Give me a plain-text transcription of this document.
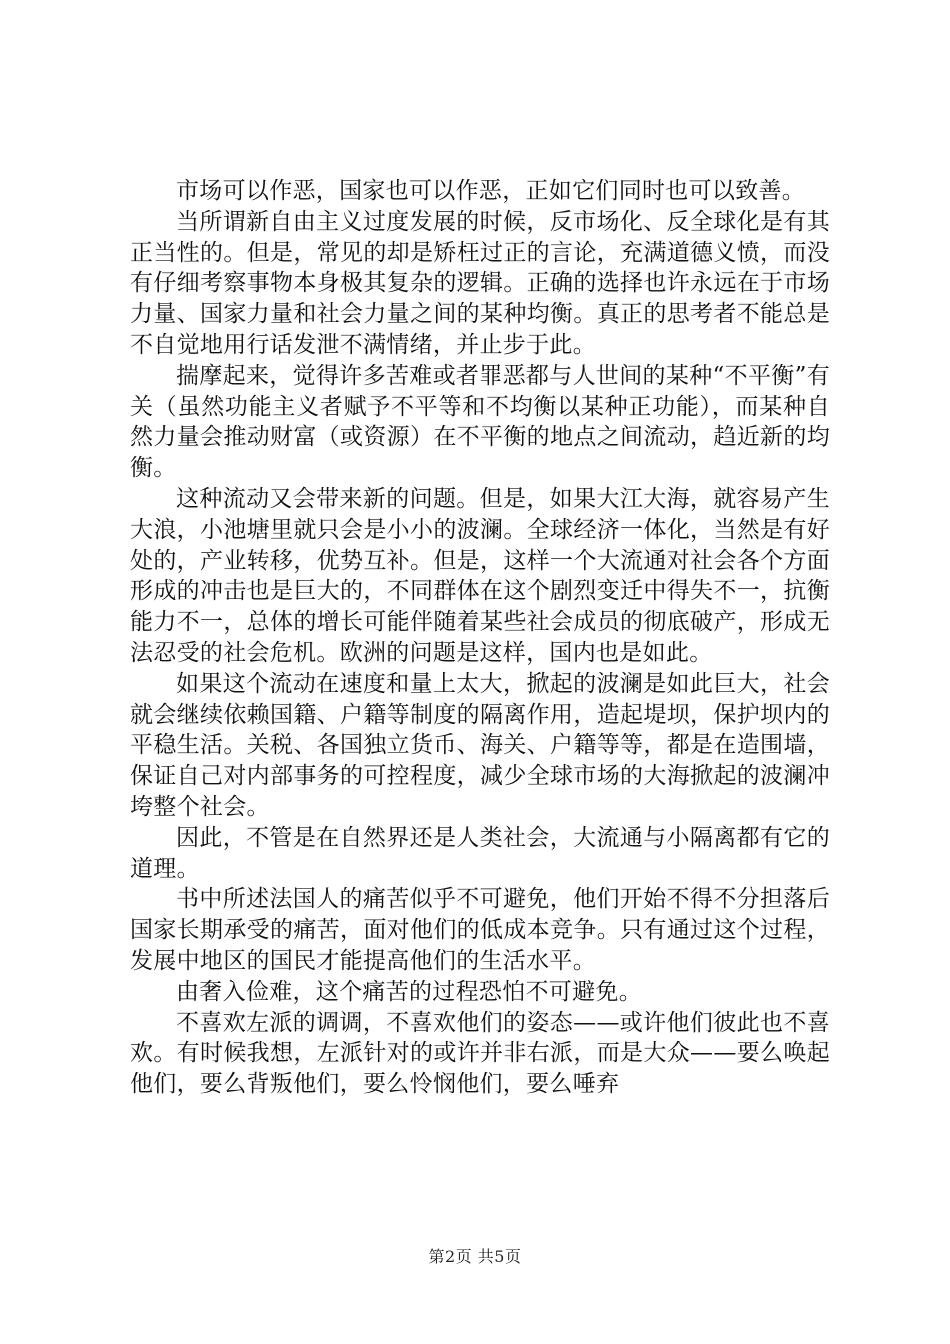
市场可以作恶，国家也可以作恶，正如它们同时也可以致善。

当所谓新自由主义过度发展的时候，反市场化、反全球化是有其正当性的。但是，常见的却是矫枉过正的言论，充满道德义愤，而没有仔细考察事物本身极其复杂的逻辑。正确的选择也许永远在于市场力量、国家力量和社会力量之间的某种均衡。真正的思考者不能总是不自觉地用行话发泄不满情绪，并止步于此。

揣摩起来，觉得许多苦难或者罪恶都与人世间的某种“不平衡”有关（虽然功能主义者赋予不平等和不均衡以某种正功能），而某种自然力量会推动财富（或资源）在不平衡的地点之间流动，趋近新的均衡。

这种流动又会带来新的问题。但是，如果大江大海，就容易产生大浪，小池塘里就只会是小小的波澜。全球经济一体化，当然是有好处的，产业转移，优势互补。但是，这样一个大流通对社会各个方面形成的冲击也是巨大的，不同群体在这个剧烈变迁中得失不一，抗衡能力不一，总体的增长可能伴随着某些社会成员的彻底破产，形成无法忍受的社会危机。欧洲的问题是这样，国内也是如此。

如果这个流动在速度和量上太大，掀起的波澜是如此巨大，社会就会继续依赖国籍、户籍等制度的隔离作用，造起堤坝，保护坝内的平稳生活。关税、各国独立货币、海关、户籍等等，都是在造围墙，保证自己对内部事务的可控程度，减少全球市场的大海掀起的波澜冲垮整个社会。

因此，不管是在自然界还是人类社会，大流通与小隔离都有它的道理。

书中所述法国人的痛苦似乎不可避免，他们开始不得不分担落后国家长期承受的痛苦，面对他们的低成本竞争。只有通过这个过程，发展中地区的国民才能提高他们的生活水平。

由奢入俭难，这个痛苦的过程恐怕不可避免。

不喜欢左派的调调，不喜欢他们的姿态——或许他们彼此也不喜欢。有时候我想，左派针对的或许并非右派，而是大众——要么唤起他们，要么背叛他们，要么怜悯他们，要么唾弃

第2页 共5页
